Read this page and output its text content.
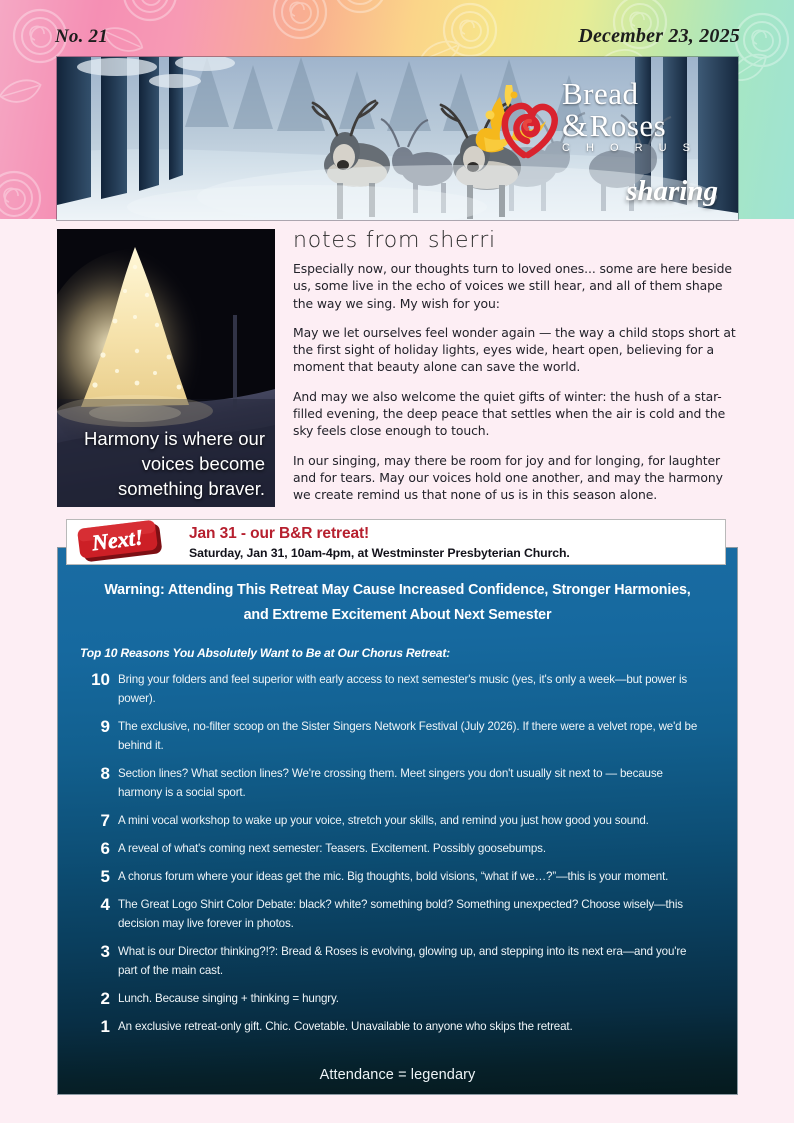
No. 21	December 23, 2025
Bread
& Roses
C H O R U S
sharing
Harmony is where our voices become something braver.
notes from sherri

Especially now, our thoughts turn to loved ones... some are here beside us, some live in the echo of voices we still hear, and all of them shape the way we sing. My wish for you:

May we let ourselves feel wonder again — the way a child stops short at the first sight of holiday lights, eyes wide, heart open, believing for a moment that beauty alone can save the world.

And may we also welcome the quiet gifts of winter: the hush of a star-filled evening, the deep peace that settles when the air is cold and the sky feels close enough to touch.

In our singing, may there be room for joy and for longing, for laughter and for tears. May our voices hold one another, and may the harmony we create remind us that none of us is in this season alone.

Warning: Attending This Retreat May Cause Increased Confidence, Stronger Harmonies, and Extreme Excitement About Next Semester
Top 10 Reasons You Absolutely Want to Be at Our Chorus Retreat:
10 Bring your folders and feel superior with early access to next semester's music (yes, it's only a week—but power is power).
9 The exclusive, no-filter scoop on the Sister Singers Network Festival (July 2026). If there were a velvet rope, we'd be behind it.
8 Section lines? What section lines? We're crossing them. Meet singers you don't usually sit next to — because harmony is a social sport.
7 A mini vocal workshop to wake up your voice, stretch your skills, and remind you just how good you sound.
6 A reveal of what's coming next semester: Teasers. Excitement. Possibly goosebumps.
5 A chorus forum where your ideas get the mic. Big thoughts, bold visions, “what if we…?”—this is your moment.
4 The Great Logo Shirt Color Debate: black? white? something bold? Something unexpected? Choose wisely—this decision may live forever in photos.
3 What is our Director thinking?!?: Bread & Roses is evolving, glowing up, and stepping into its next era—and you're part of the main cast.
2 Lunch. Because singing + thinking = hungry.
1 An exclusive retreat-only gift. Chic. Covetable. Unavailable to anyone who skips the retreat.
Attendance = legendary
Next!	Jan 31 - our B&R retreat!
Saturday, Jan 31, 10am-4pm, at Westminster Presbyterian Church.
